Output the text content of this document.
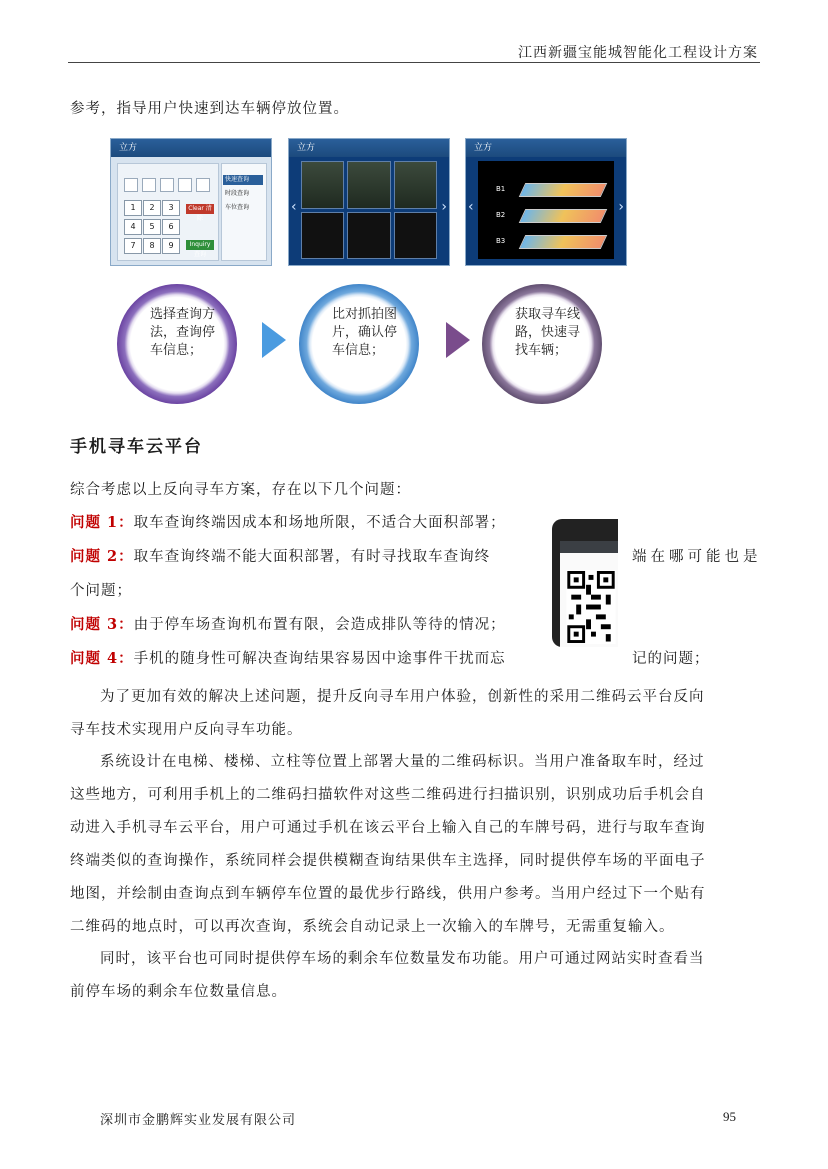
江西新疆宝能城智能化工程设计方案
参考，指导用户快速到达车辆停放位置。
立方
1	2	3
4	5	6
7	8	9
Clear 清除
Inquiry 查询
快速查询
时段查询
车位查询
立方
‹	›
立方
B1
B2
B3
‹	›
选择查询方法，查询停车信息；
比对抓拍图片，确认停车信息；
获取寻车线路，快速寻找车辆；
手机寻车云平台
综合考虑以上反向寻车方案，存在以下几个问题：
问题 1：取车查询终端因成本和场地所限，不适合大面积部署；
问题 2：取车查询终端不能大面积部署，有时寻找取车查询终	端在哪可能也是
个问题；
问题 3：由于停车场查询机布置有限，会造成排队等待的情况；
问题 4：手机的随身性可解决查询结果容易因中途事件干扰而忘	记的问题；
为了更加有效的解决上述问题，提升反向寻车用户体验，创新性的采用二维码云平台反向
寻车技术实现用户反向寻车功能。
系统设计在电梯、楼梯、立柱等位置上部署大量的二维码标识。当用户准备取车时，经过
这些地方，可利用手机上的二维码扫描软件对这些二维码进行扫描识别，识别成功后手机会自
动进入手机寻车云平台，用户可通过手机在该云平台上输入自己的车牌号码，进行与取车查询
终端类似的查询操作，系统同样会提供模糊查询结果供车主选择，同时提供停车场的平面电子
地图，并绘制由查询点到车辆停车位置的最优步行路线，供用户参考。当用户经过下一个贴有
二维码的地点时，可以再次查询，系统会自动记录上一次输入的车牌号，无需重复输入。
同时，该平台也可同时提供停车场的剩余车位数量发布功能。用户可通过网站实时查看当
前停车场的剩余车位数量信息。
深圳市金鹏辉实业发展有限公司	95
